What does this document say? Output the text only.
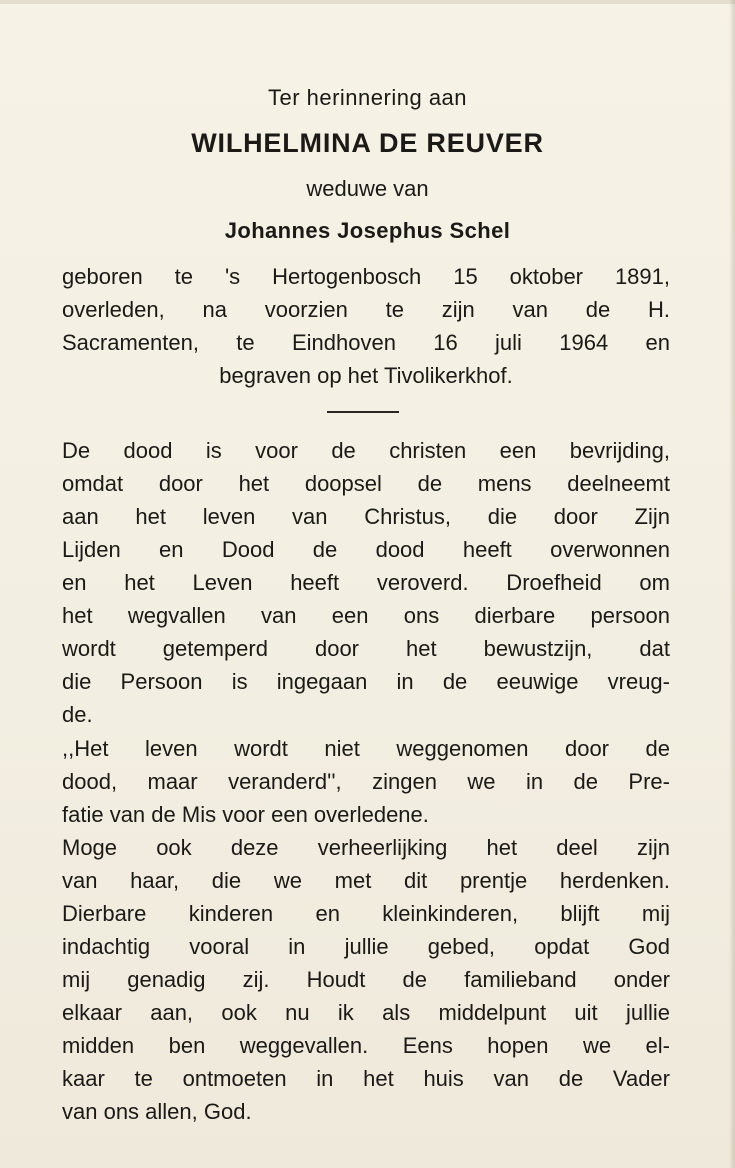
Ter herinnering aan
WILHELMINA DE REUVER
weduwe van
Johannes Josephus Schel
geboren te 's Hertogenbosch 15 oktober 1891,
overleden, na voorzien te zijn van de H.
Sacramenten, te Eindhoven 16 juli 1964 en
begraven op het Tivolikerkhof.
De dood is voor de christen een bevrijding,
omdat door het doopsel de mens deelneemt
aan het leven van Christus, die door Zijn
Lijden en Dood de dood heeft overwonnen
en het Leven heeft veroverd. Droefheid om
het wegvallen van een ons dierbare persoon
wordt getemperd door het bewustzijn, dat
die Persoon is ingegaan in de eeuwige vreug-
de.
,,Het leven wordt niet weggenomen door de
dood, maar veranderd'', zingen we in de Pre-
fatie van de Mis voor een overledene.
Moge ook deze verheerlijking het deel zijn
van haar, die we met dit prentje herdenken.
Dierbare kinderen en kleinkinderen, blijft mij
indachtig vooral in jullie gebed, opdat God
mij genadig zij. Houdt de familieband onder
elkaar aan, ook nu ik als middelpunt uit jullie
midden ben weggevallen. Eens hopen we el-
kaar te ontmoeten in het huis van de Vader
van ons allen, God.
